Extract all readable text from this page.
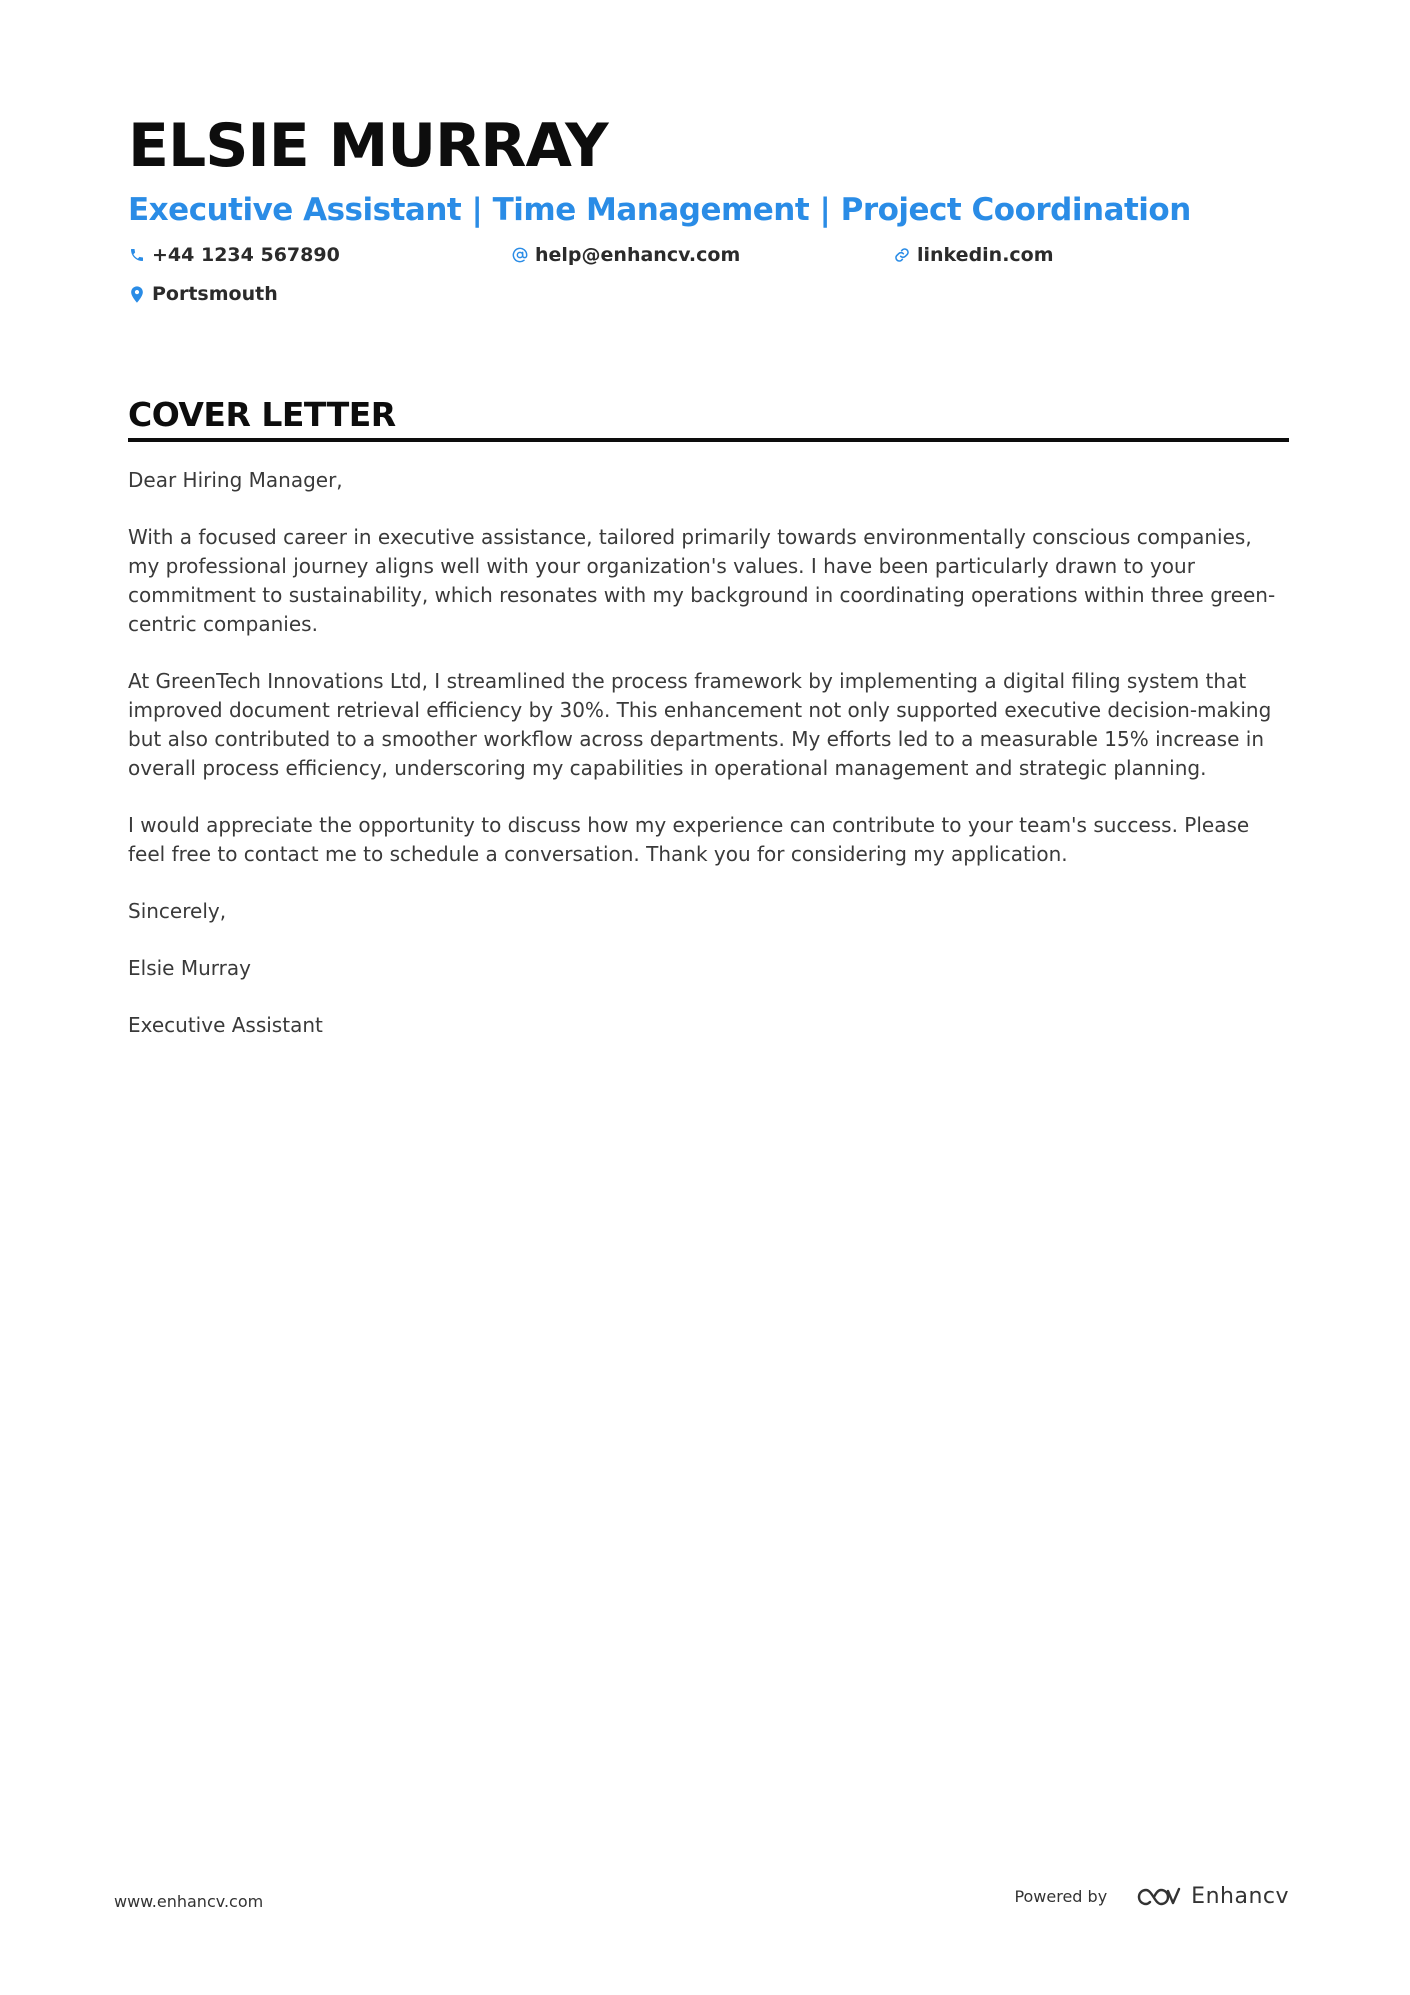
ELSIE MURRAY
Executive Assistant | Time Management | Project Coordination
+44 1234 567890	help@enhancv.com	linkedin.com
Portsmouth
COVER LETTER

Dear Hiring Manager,

With a focused career in executive assistance, tailored primarily towards environmentally conscious companies, my professional journey aligns well with your organization's values. I have been particularly drawn to your commitment to sustainability, which resonates with my background in coordinating operations within three green-centric companies.

At GreenTech Innovations Ltd, I streamlined the process framework by implementing a digital filing system that improved document retrieval efficiency by 30%. This enhancement not only supported executive decision-making but also contributed to a smoother workflow across departments. My efforts led to a measurable 15% increase in overall process efficiency, underscoring my capabilities in operational management and strategic planning.

I would appreciate the opportunity to discuss how my experience can contribute to your team's success. Please feel free to contact me to schedule a conversation. Thank you for considering my application.

Sincerely,

Elsie Murray

Executive Assistant

www.enhancv.com	Powered by	Enhancv
